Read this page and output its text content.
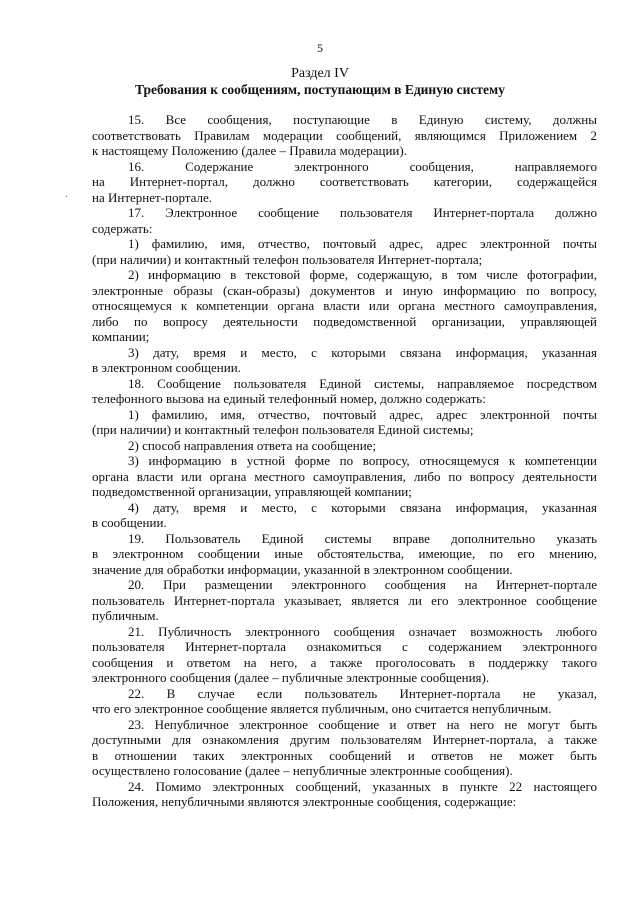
5
Раздел IV
Требования к сообщениям, поступающим в Единую систему
·
15. Все сообщения, поступающие в Единую систему, должны
соответствовать Правилам модерации сообщений, являющимся Приложением 2
к настоящему Положению (далее – Правила модерации).
16. Содержание электронного сообщения, направляемого
на Интернет-портал, должно соответствовать категории, содержащейся
на Интернет-портале.
17. Электронное сообщение пользователя Интернет-портала должно
содержать:
1) фамилию, имя, отчество, почтовый адрес, адрес электронной почты
(при наличии) и контактный телефон пользователя Интернет-портала;
2) информацию в текстовой форме, содержащую, в том числе фотографии,
электронные образы (скан-образы) документов и иную информацию по вопросу,
относящемуся к компетенции органа власти или органа местного самоуправления,
либо по вопросу деятельности подведомственной организации, управляющей
компании;
3) дату, время и место, с которыми связана информация, указанная
в электронном сообщении.
18. Сообщение пользователя Единой системы, направляемое посредством
телефонного вызова на единый телефонный номер, должно содержать:
1) фамилию, имя, отчество, почтовый адрес, адрес электронной почты
(при наличии) и контактный телефон пользователя Единой системы;
2) способ направления ответа на сообщение;
3) информацию в устной форме по вопросу, относящемуся к компетенции
органа власти или органа местного самоуправления, либо по вопросу деятельности
подведомственной организации, управляющей компании;
4) дату, время и место, с которыми связана информация, указанная
в сообщении.
19. Пользователь Единой системы вправе дополнительно указать
в электронном сообщении иные обстоятельства, имеющие, по его мнению,
значение для обработки информации, указанной в электронном сообщении.
20. При размещении электронного сообщения на Интернет-портале
пользователь Интернет-портала указывает, является ли его электронное сообщение
публичным.
21. Публичность электронного сообщения означает возможность любого
пользователя Интернет-портала ознакомиться с содержанием электронного
сообщения и ответом на него, а также проголосовать в поддержку такого
электронного сообщения (далее – публичные электронные сообщения).
22. В случае если пользователь Интернет-портала не указал,
что его электронное сообщение является публичным, оно считается непубличным.
23. Непубличное электронное сообщение и ответ на него не могут быть
доступными для ознакомления другим пользователям Интернет-портала, а также
в отношении таких электронных сообщений и ответов не может быть
осуществлено голосование (далее – непубличные электронные сообщения).
24. Помимо электронных сообщений, указанных в пункте 22 настоящего
Положения, непубличными являются электронные сообщения, содержащие:
